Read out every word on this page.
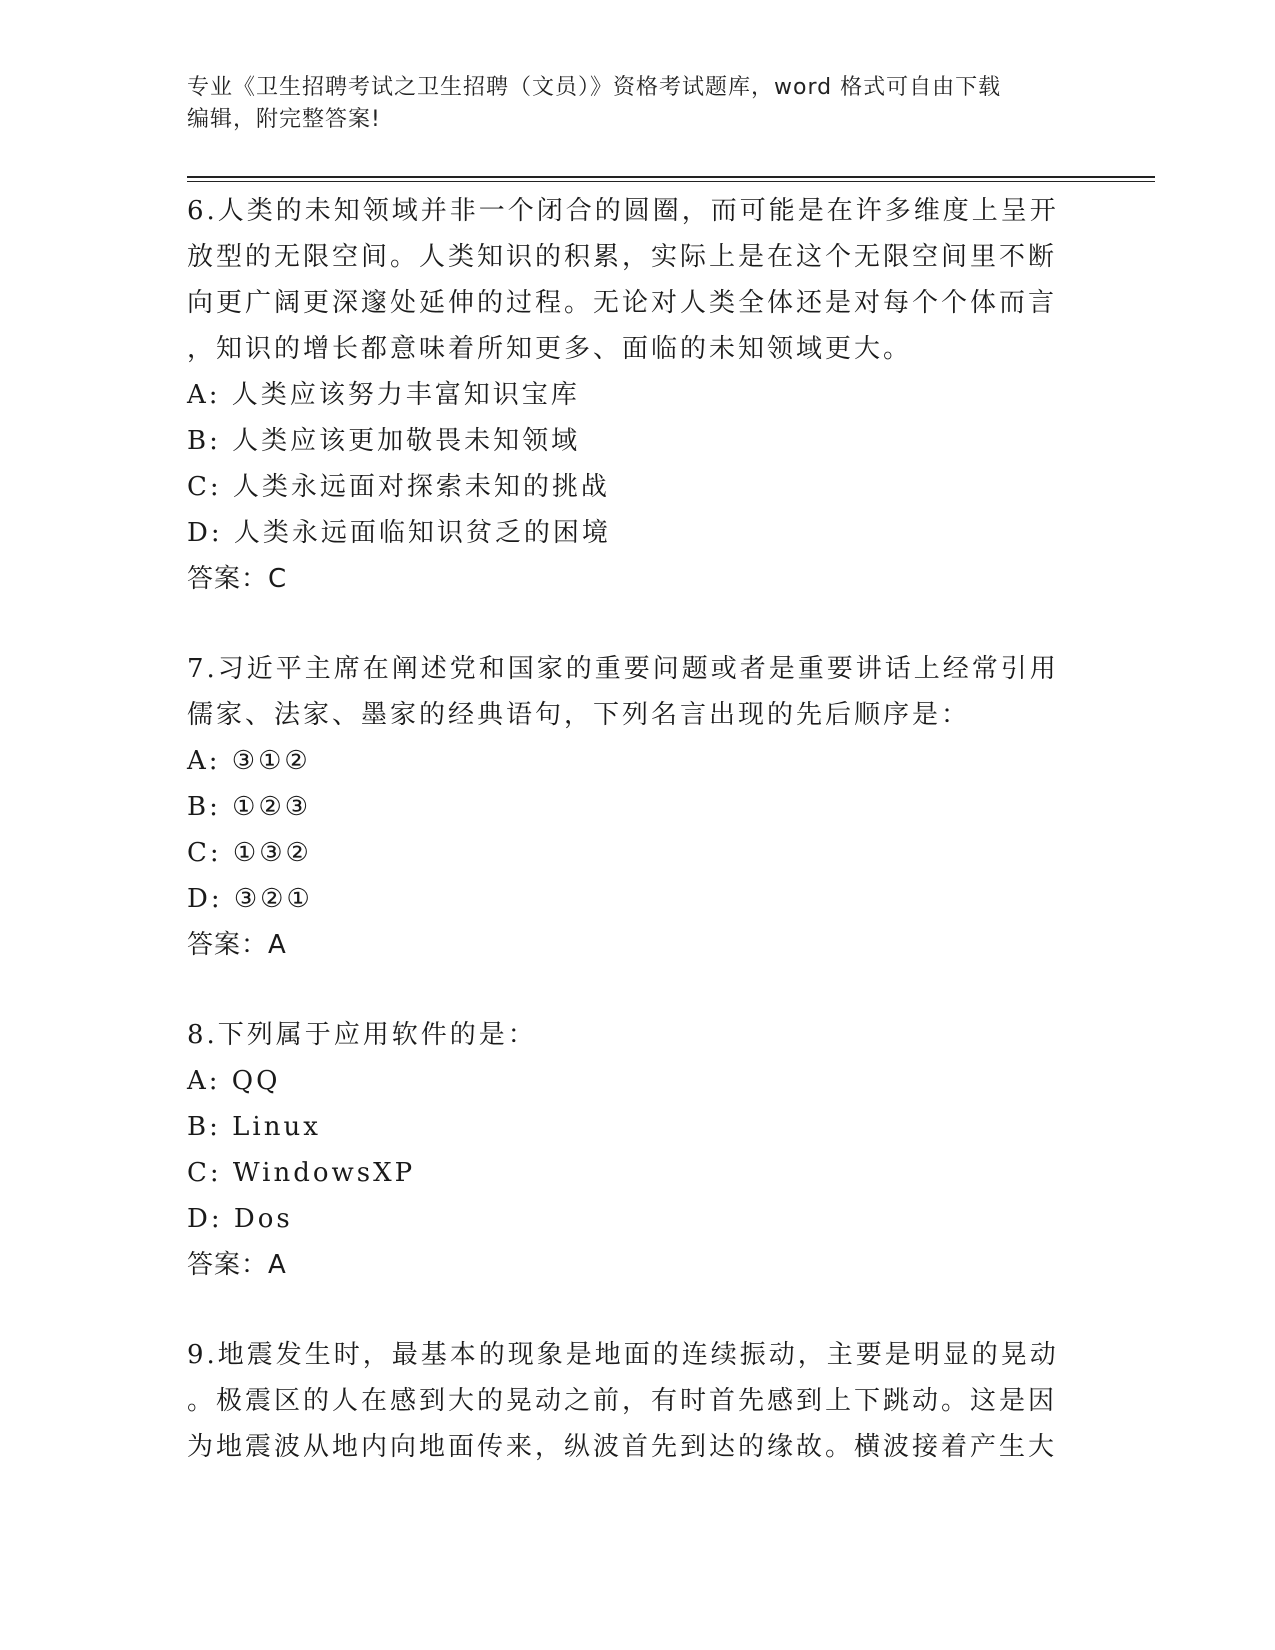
专业《卫生招聘考试之卫生招聘（文员）》资格考试题库，word 格式可自由下载
编辑，附完整答案!
6.人类的未知领域并非一个闭合的圆圈，而可能是在许多维度上呈开
放型的无限空间。人类知识的积累，实际上是在这个无限空间里不断
向更广阔更深邃处延伸的过程。无论对人类全体还是对每个个体而言
，知识的增长都意味着所知更多、面临的未知领域更大。
A: 人类应该努力丰富知识宝库
B: 人类应该更加敬畏未知领域
C: 人类永远面对探索未知的挑战
D: 人类永远面临知识贫乏的困境
答案：C
7.习近平主席在阐述党和国家的重要问题或者是重要讲话上经常引用
儒家、法家、墨家的经典语句，下列名言出现的先后顺序是：
A: ③①②
B: ①②③
C: ①③②
D: ③②①
答案：A
8.下列属于应用软件的是：
A: QQ
B: Linux
C: WindowsXP
D: Dos
答案：A
9.地震发生时，最基本的现象是地面的连续振动，主要是明显的晃动
。极震区的人在感到大的晃动之前，有时首先感到上下跳动。这是因
为地震波从地内向地面传来，纵波首先到达的缘故。横波接着产生大
